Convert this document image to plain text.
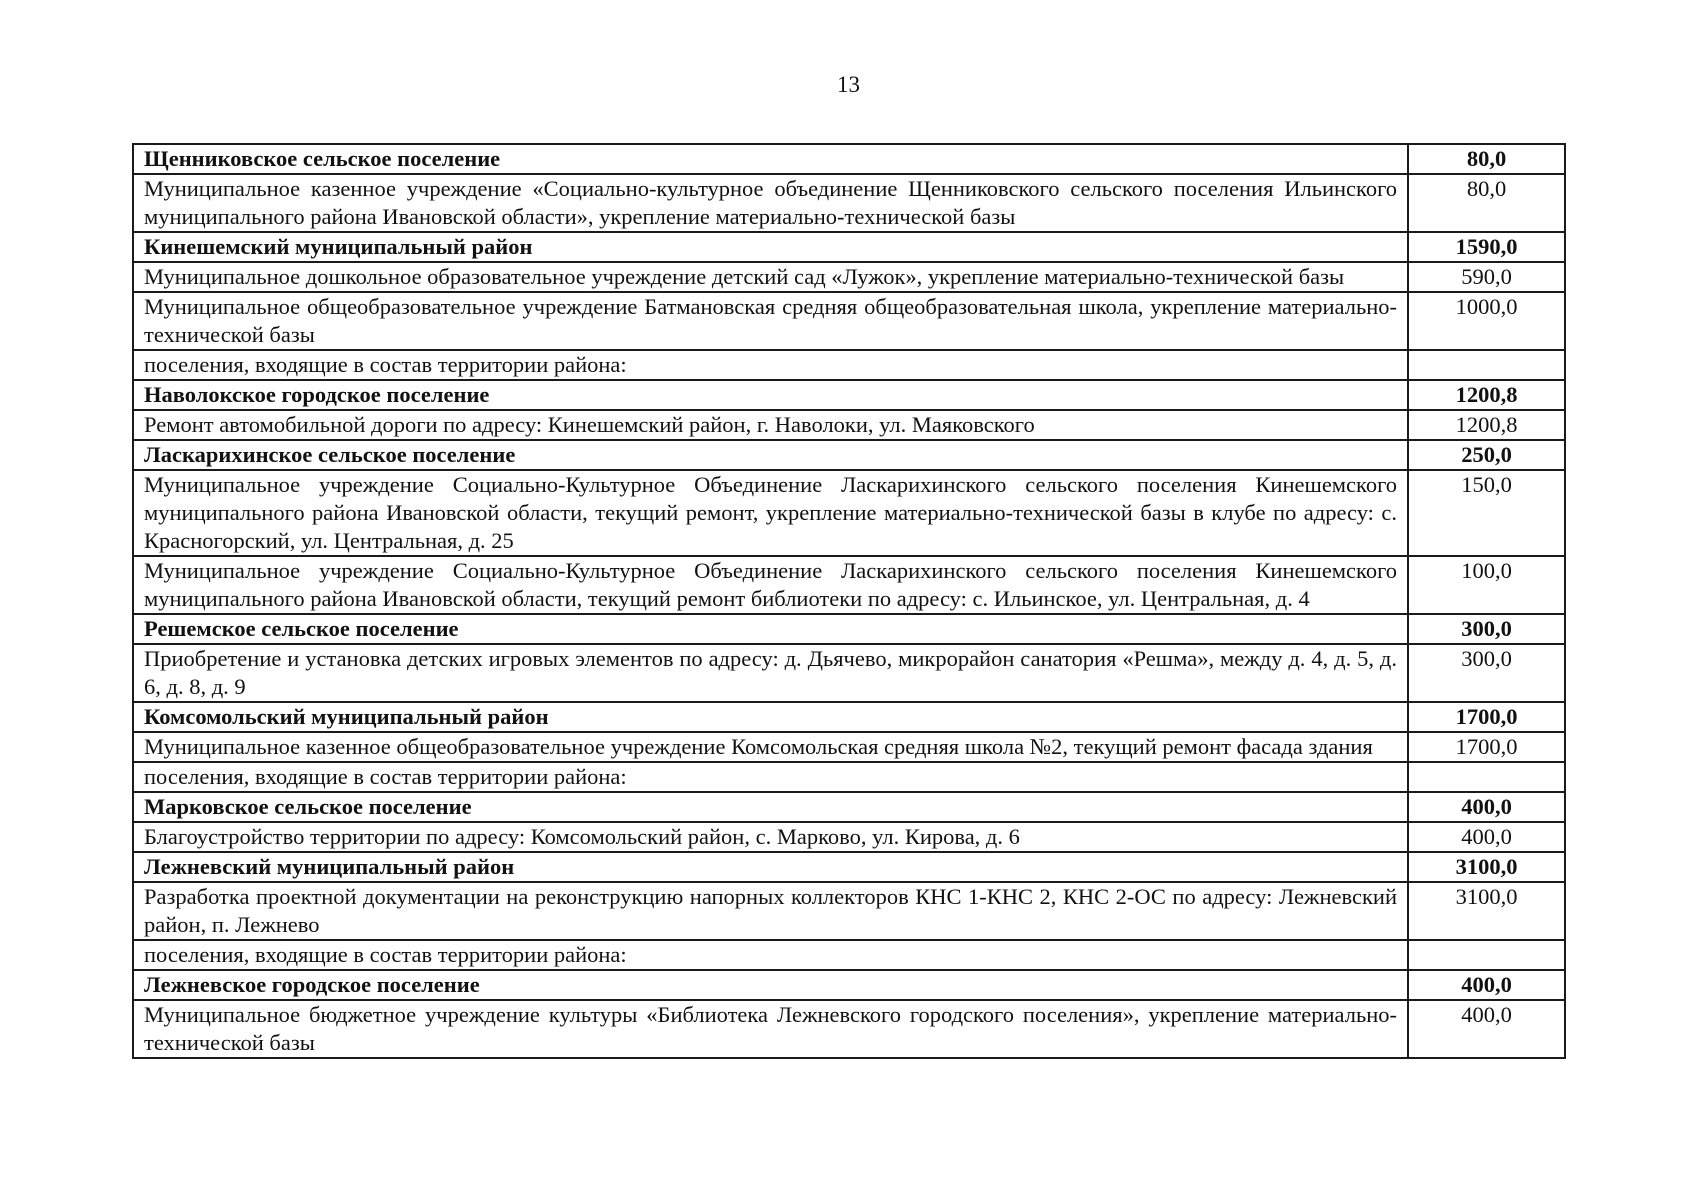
13
Щенниковское сельское поселение	80,0
Муниципальное казенное учреждение «Социально-культурное объединение Щенниковского сельского поселения Ильинского муниципального района Ивановской области», укрепление материально-технической базы	80,0
Кинешемский муниципальный район	1590,0
Муниципальное дошкольное образовательное учреждение детский сад «Лужок», укрепление материально-технической базы	590,0
Муниципальное общеобразовательное учреждение Батмановская средняя общеобразовательная школа, укрепление материально-технической базы	1000,0
поселения, входящие в состав территории района:	
Наволокское городское поселение	1200,8
Ремонт автомобильной дороги по адресу: Кинешемский район, г. Наволоки, ул. Маяковского	1200,8
Ласкарихинское сельское поселение	250,0
Муниципальное учреждение Социально-Культурное Объединение Ласкарихинского сельского поселения Кинешемского муниципального района Ивановской области, текущий ремонт, укрепление материально-технической базы в клубе по адресу: с. Красногорский, ул. Центральная, д. 25	150,0
Муниципальное учреждение Социально-Культурное Объединение Ласкарихинского сельского поселения Кинешемского муниципального района Ивановской области, текущий ремонт библиотеки по адресу: с. Ильинское, ул. Центральная, д. 4	100,0
Решемское сельское поселение	300,0
Приобретение и установка детских игровых элементов по адресу: д. Дьячево, микрорайон санатория «Решма», между д. 4, д. 5, д. 6, д. 8, д. 9	300,0
Комсомольский муниципальный район	1700,0
Муниципальное казенное общеобразовательное учреждение Комсомольская средняя школа №2, текущий ремонт фасада здания	1700,0
поселения, входящие в состав территории района:	
Марковское сельское поселение	400,0
Благоустройство территории по адресу: Комсомольский район, с. Марково, ул. Кирова, д. 6	400,0
Лежневский муниципальный район	3100,0
Разработка проектной документации на реконструкцию напорных коллекторов КНС 1-КНС 2, КНС 2-ОС по адресу: Лежневский район, п. Лежнево	3100,0
поселения, входящие в состав территории района:	
Лежневское городское поселение	400,0
Муниципальное бюджетное учреждение культуры «Библиотека Лежневского городского поселения», укрепление материально-технической базы	400,0
